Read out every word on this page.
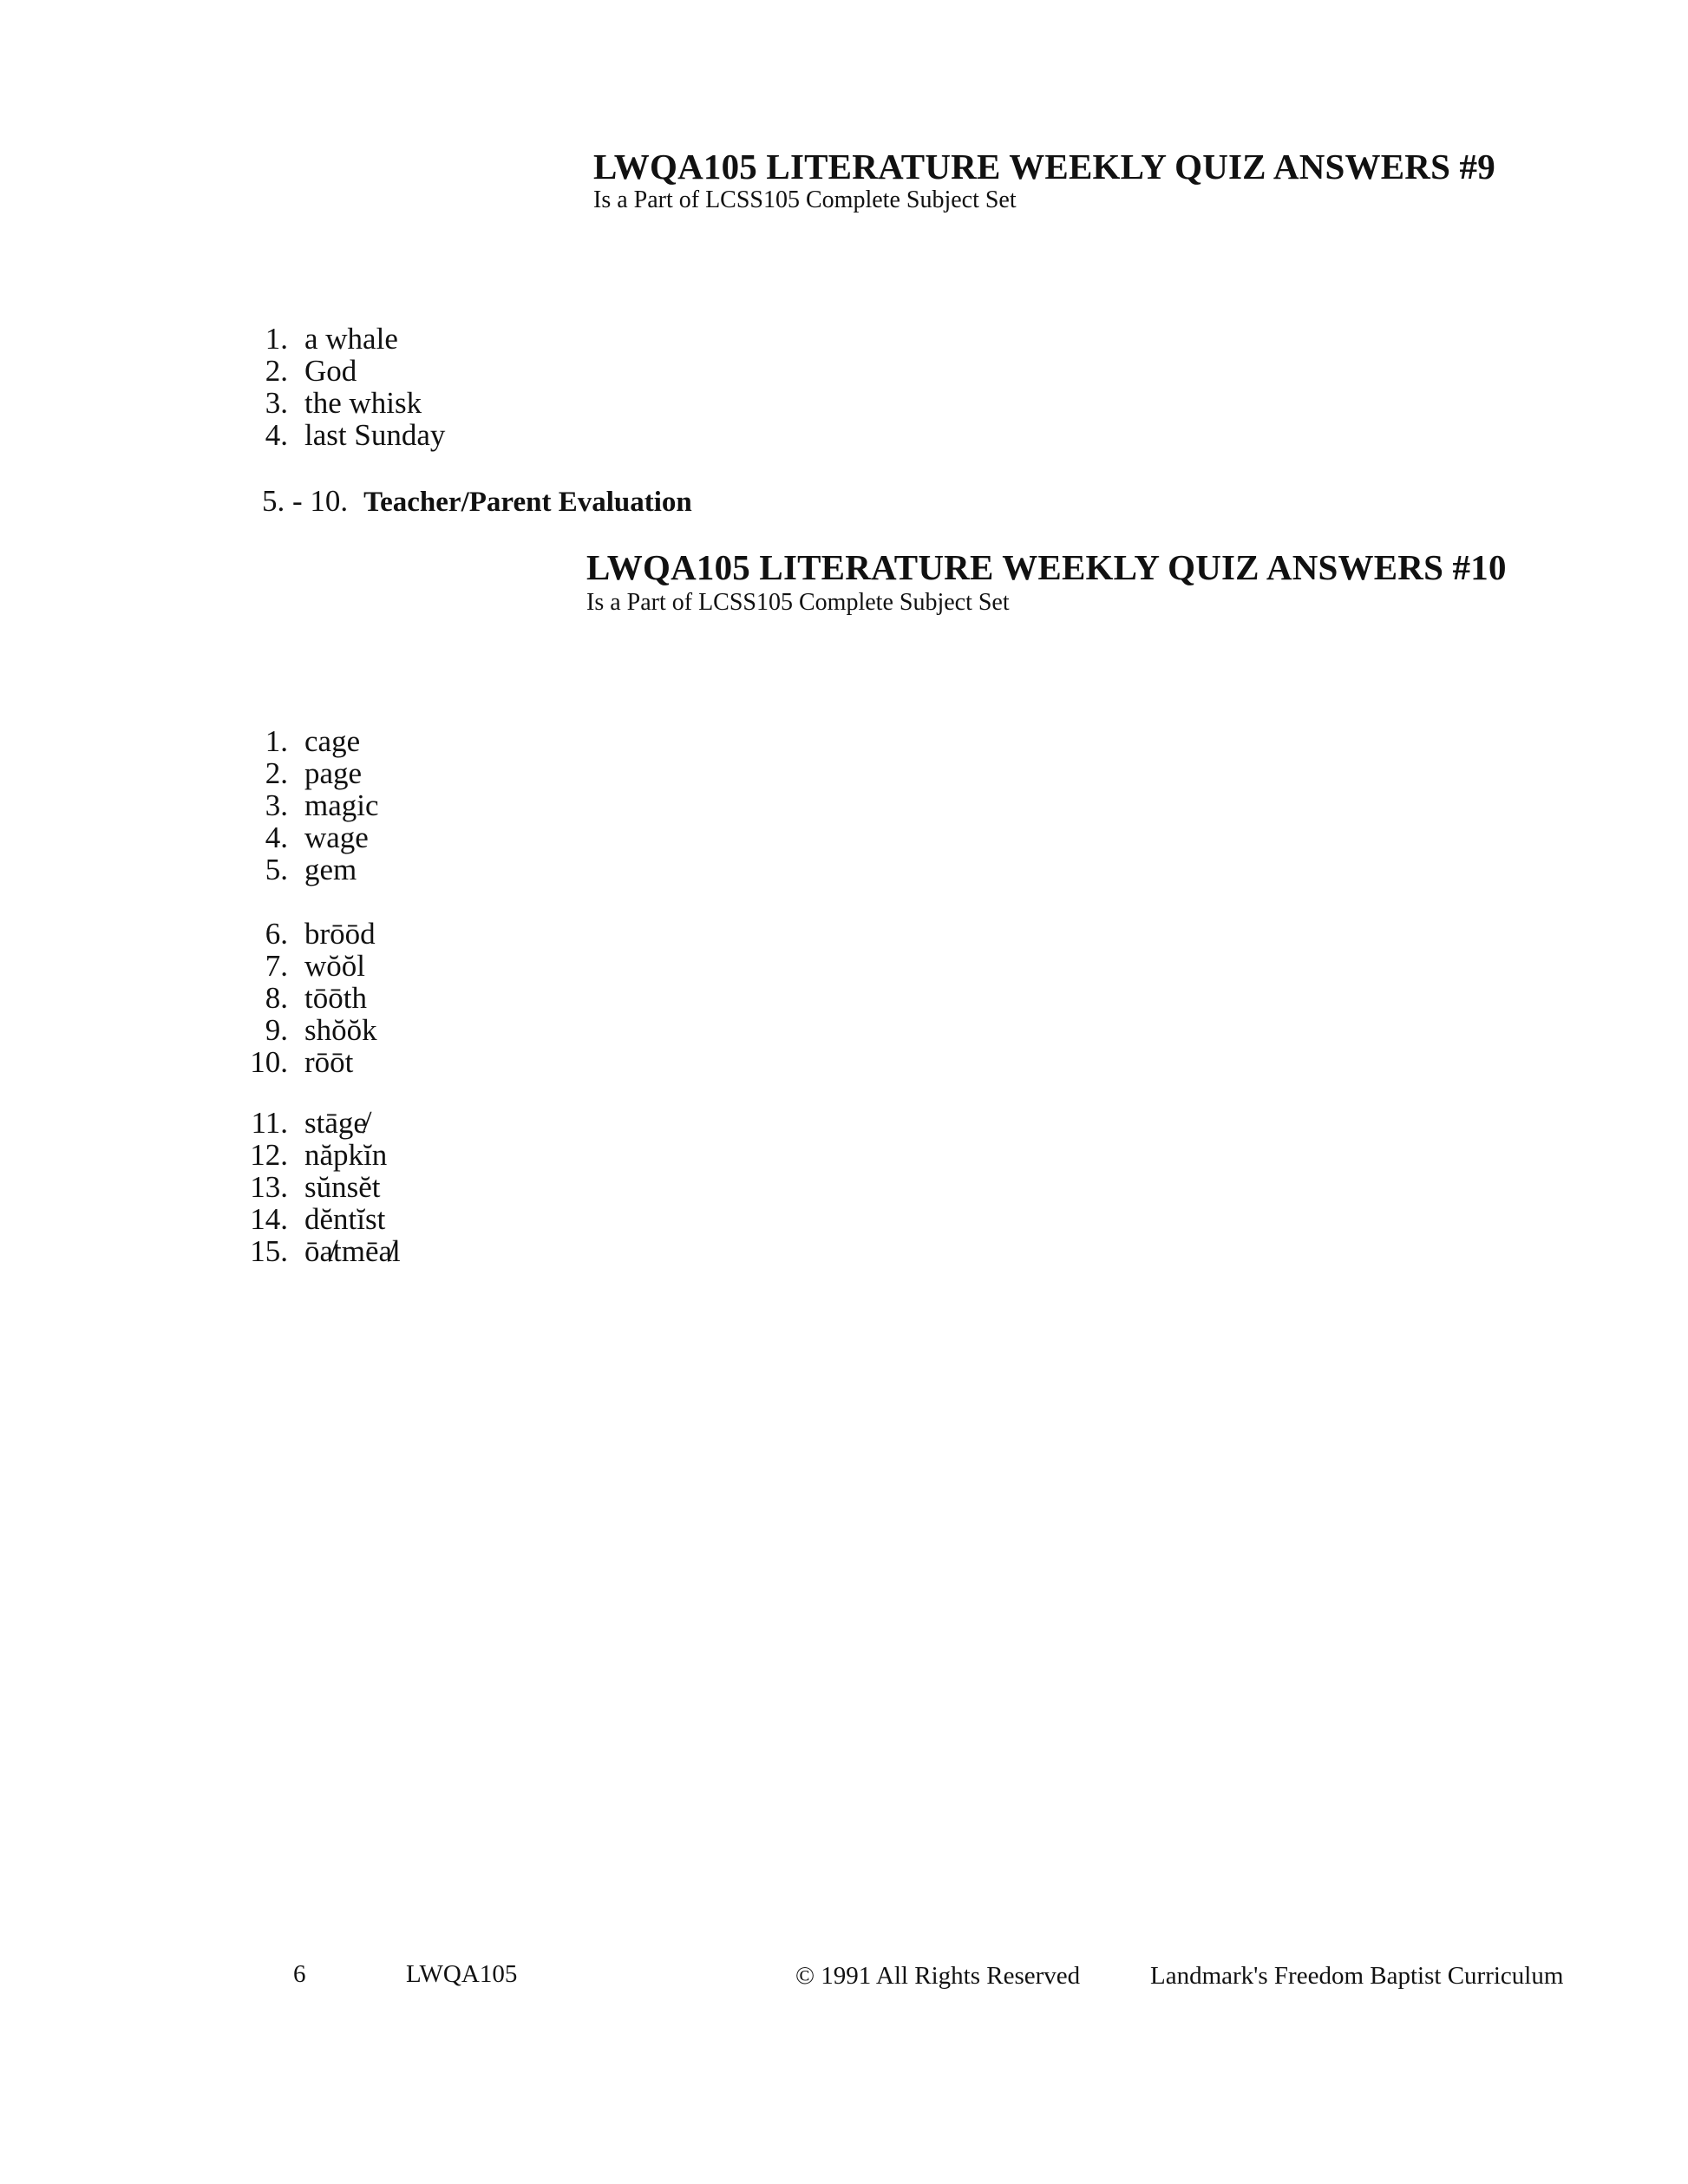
LWQA105 LITERATURE WEEKLY QUIZ ANSWERS #9
Is a Part of LCSS105 Complete Subject Set
1. a whale
2. God
3. the whisk
4. last Sunday
5. - 10. Teacher/Parent Evaluation
LWQA105 LITERATURE WEEKLY QUIZ ANSWERS #10
Is a Part of LCSS105 Complete Subject Set
1. cage
2. page
3. magic
4. wage
5. gem
6. brōōd
7. wŏŏl
8. tōōth
9. shŏŏk
10. rōōt
11. stāge̸
12. năpkĭn
13. sŭnsĕt
14. dĕntĭst
15. ōa̸tmēa̸l
6	LWQA105	© 1991 All Rights Reserved	Landmark's Freedom Baptist Curriculum
